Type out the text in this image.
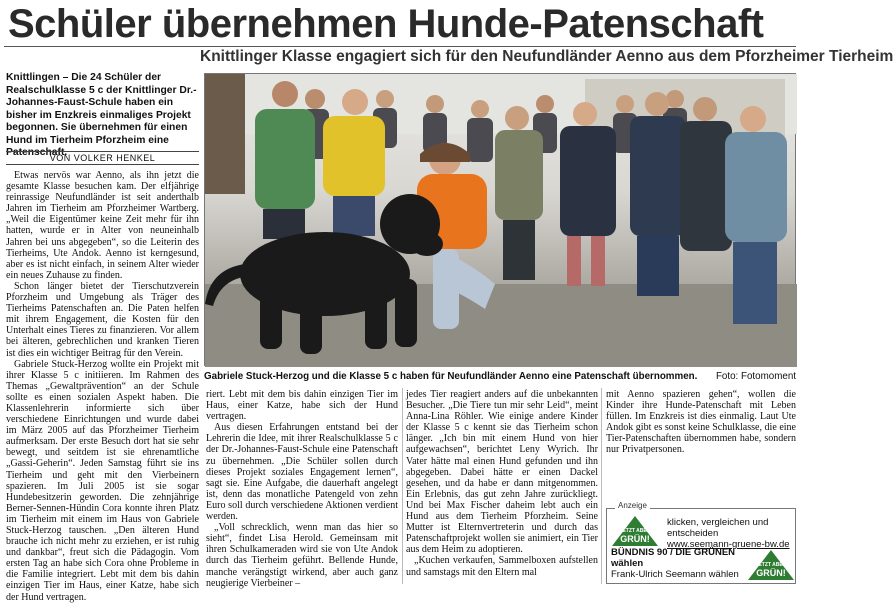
Schüler übernehmen Hunde-Patenschaft
Knittlinger Klasse engagiert sich für den Neufundländer Aenno aus dem Pforzheimer Tierheim
Knittlingen – Die 24 Schüler der Realschulklasse 5 c der Knittlinger Dr.-Johannes-Faust-Schule haben ein bisher im Enzkreis einmaliges Projekt begonnen. Sie übernehmen für einen Hund im Tierheim Pforzheim eine Patenschaft.
VON VOLKER HENKEL

Etwas nervös war Aenno, als ihn jetzt die gesamte Klasse besuchen kam. Der elfjährige reinrassige Neufundländer ist seit anderthalb Jahren im Tierheim am Pforzheimer Wartberg. „Weil die Eigentümer keine Zeit mehr für ihn hatten, wurde er in Alter von neuneinhalb Jahren bei uns abgegeben“, so die Leiterin des Tierheims, Ute Andok. Aenno ist kerngesund, aber es ist nicht einfach, in seinem Alter wieder ein neues Zuhause zu finden.

Schon länger bietet der Tierschutzverein Pforzheim und Umgebung als Träger des Tierheims Patenschaften an. Die Paten helfen mit ihrem Engagement, die Kosten für den Unterhalt eines Tieres zu finanzieren. Vor allem bei älteren, gebrechlichen und kranken Tieren ist dies ein wichtiger Beitrag für den Verein.

Gabriele Stuck-Herzog wollte ein Projekt mit ihrer Klasse 5 c initiieren. Im Rahmen des Themas „Gewaltprävention“ an der Schule sollte es einen sozialen Aspekt haben. Die Klassenlehrerin informierte sich über verschiedene Einrichtungen und wurde dabei im März 2005 auf das Pforzheimer Tierheim aufmerksam. Der erste Besuch dort hat sie sehr bewegt, und seitdem ist sie ehrenamtliche „Gassi-Geherin“. Jeden Samstag führt sie ins Tierheim und geht mit den Vierbeinern spazieren. Im Juli 2005 ist sie sogar Hundebesitzerin geworden. Die zehnjährige Berner-Sennen-Hündin Cora konnte ihren Platz im Tierheim mit einem im Haus von Gabriele Stuck-Herzog tauschen. „Den älteren Hund brauche ich nicht mehr zu erziehen, er ist ruhig und dankbar“, freut sich die Pädagogin. Vom ersten Tag an habe sich Cora ohne Probleme in die Familie integriert. Lebt mit dem bis dahin einzigen Tier im Haus, einer Katze, habe sich der Hund vertragen.

Gabriele Stuck-Herzog und die Klasse 5 c haben für Neufundländer Aenno eine Patenschaft übernommen. Foto: Fotomoment

riert. Lebt mit dem bis dahin einzigen Tier im Haus, einer Katze, habe sich der Hund vertragen.

Aus diesen Erfahrungen entstand bei der Lehrerin die Idee, mit ihrer Realschulklasse 5 c der Dr.-Johannes-Faust-Schule eine Patenschaft zu übernehmen. „Die Schüler sollen durch dieses Projekt soziales Engagement lernen“, sagt sie. Eine Aufgabe, die dauerhaft angelegt ist, denn das monatliche Patengeld von zehn Euro soll durch verschiedene Aktionen verdient werden.

„Voll schrecklich, wenn man das hier so sieht“, findet Lisa Herold. Gemeinsam mit ihren Schulkameraden wird sie von Ute Andok durch das Tierheim geführt. Bellende Hunde, manche verängstigt wirkend, aber auch ganz neugierige Vierbeiner –

jedes Tier reagiert anders auf die unbekannten Besucher. „Die Tiere tun mir sehr Leid“, meint Anna-Lina Röhler. Wie einige andere Kinder der Klasse 5 c kennt sie das Tierheim schon länger. „Ich bin mit einem Hund von hier aufgewachsen“, berichtet Leny Wyrich. Ihr Vater hätte mal einen Hund gefunden und ihn abgegeben. Dabei hätte er einen Dackel gesehen, und da habe er dann mitgenommen. Ein Erlebnis, das gut zehn Jahre zurückliegt. Und bei Max Fischer daheim lebt auch ein Hund aus dem Tierheim Pforzheim. Seine Mutter ist Elternvertreterin und durch das Patenschaftprojekt wollen sie animiert, ein Tier aus dem Heim zu adoptieren.

„Kuchen verkaufen, Sammelboxen aufstellen und samstags mit den Eltern mal

mit Aenno spazieren gehen“, wollen die Kinder ihre Hunde-Patenschaft mit Leben füllen. Im Enzkreis ist dies einmalig. Laut Ute Andok gibt es sonst keine Schulklasse, die eine Tier-Patenschaften übernommen habe, sondern nur Privatpersonen.

Anzeige
JETZT ABER
GRÜN!
klicken, vergleichen und entscheiden
www.seemann-gruene-bw.de
BÜNDNIS 90 / DIE GRÜNEN wählen
Frank-Ulrich Seemann wählen
JETZT ABER
GRÜN!
